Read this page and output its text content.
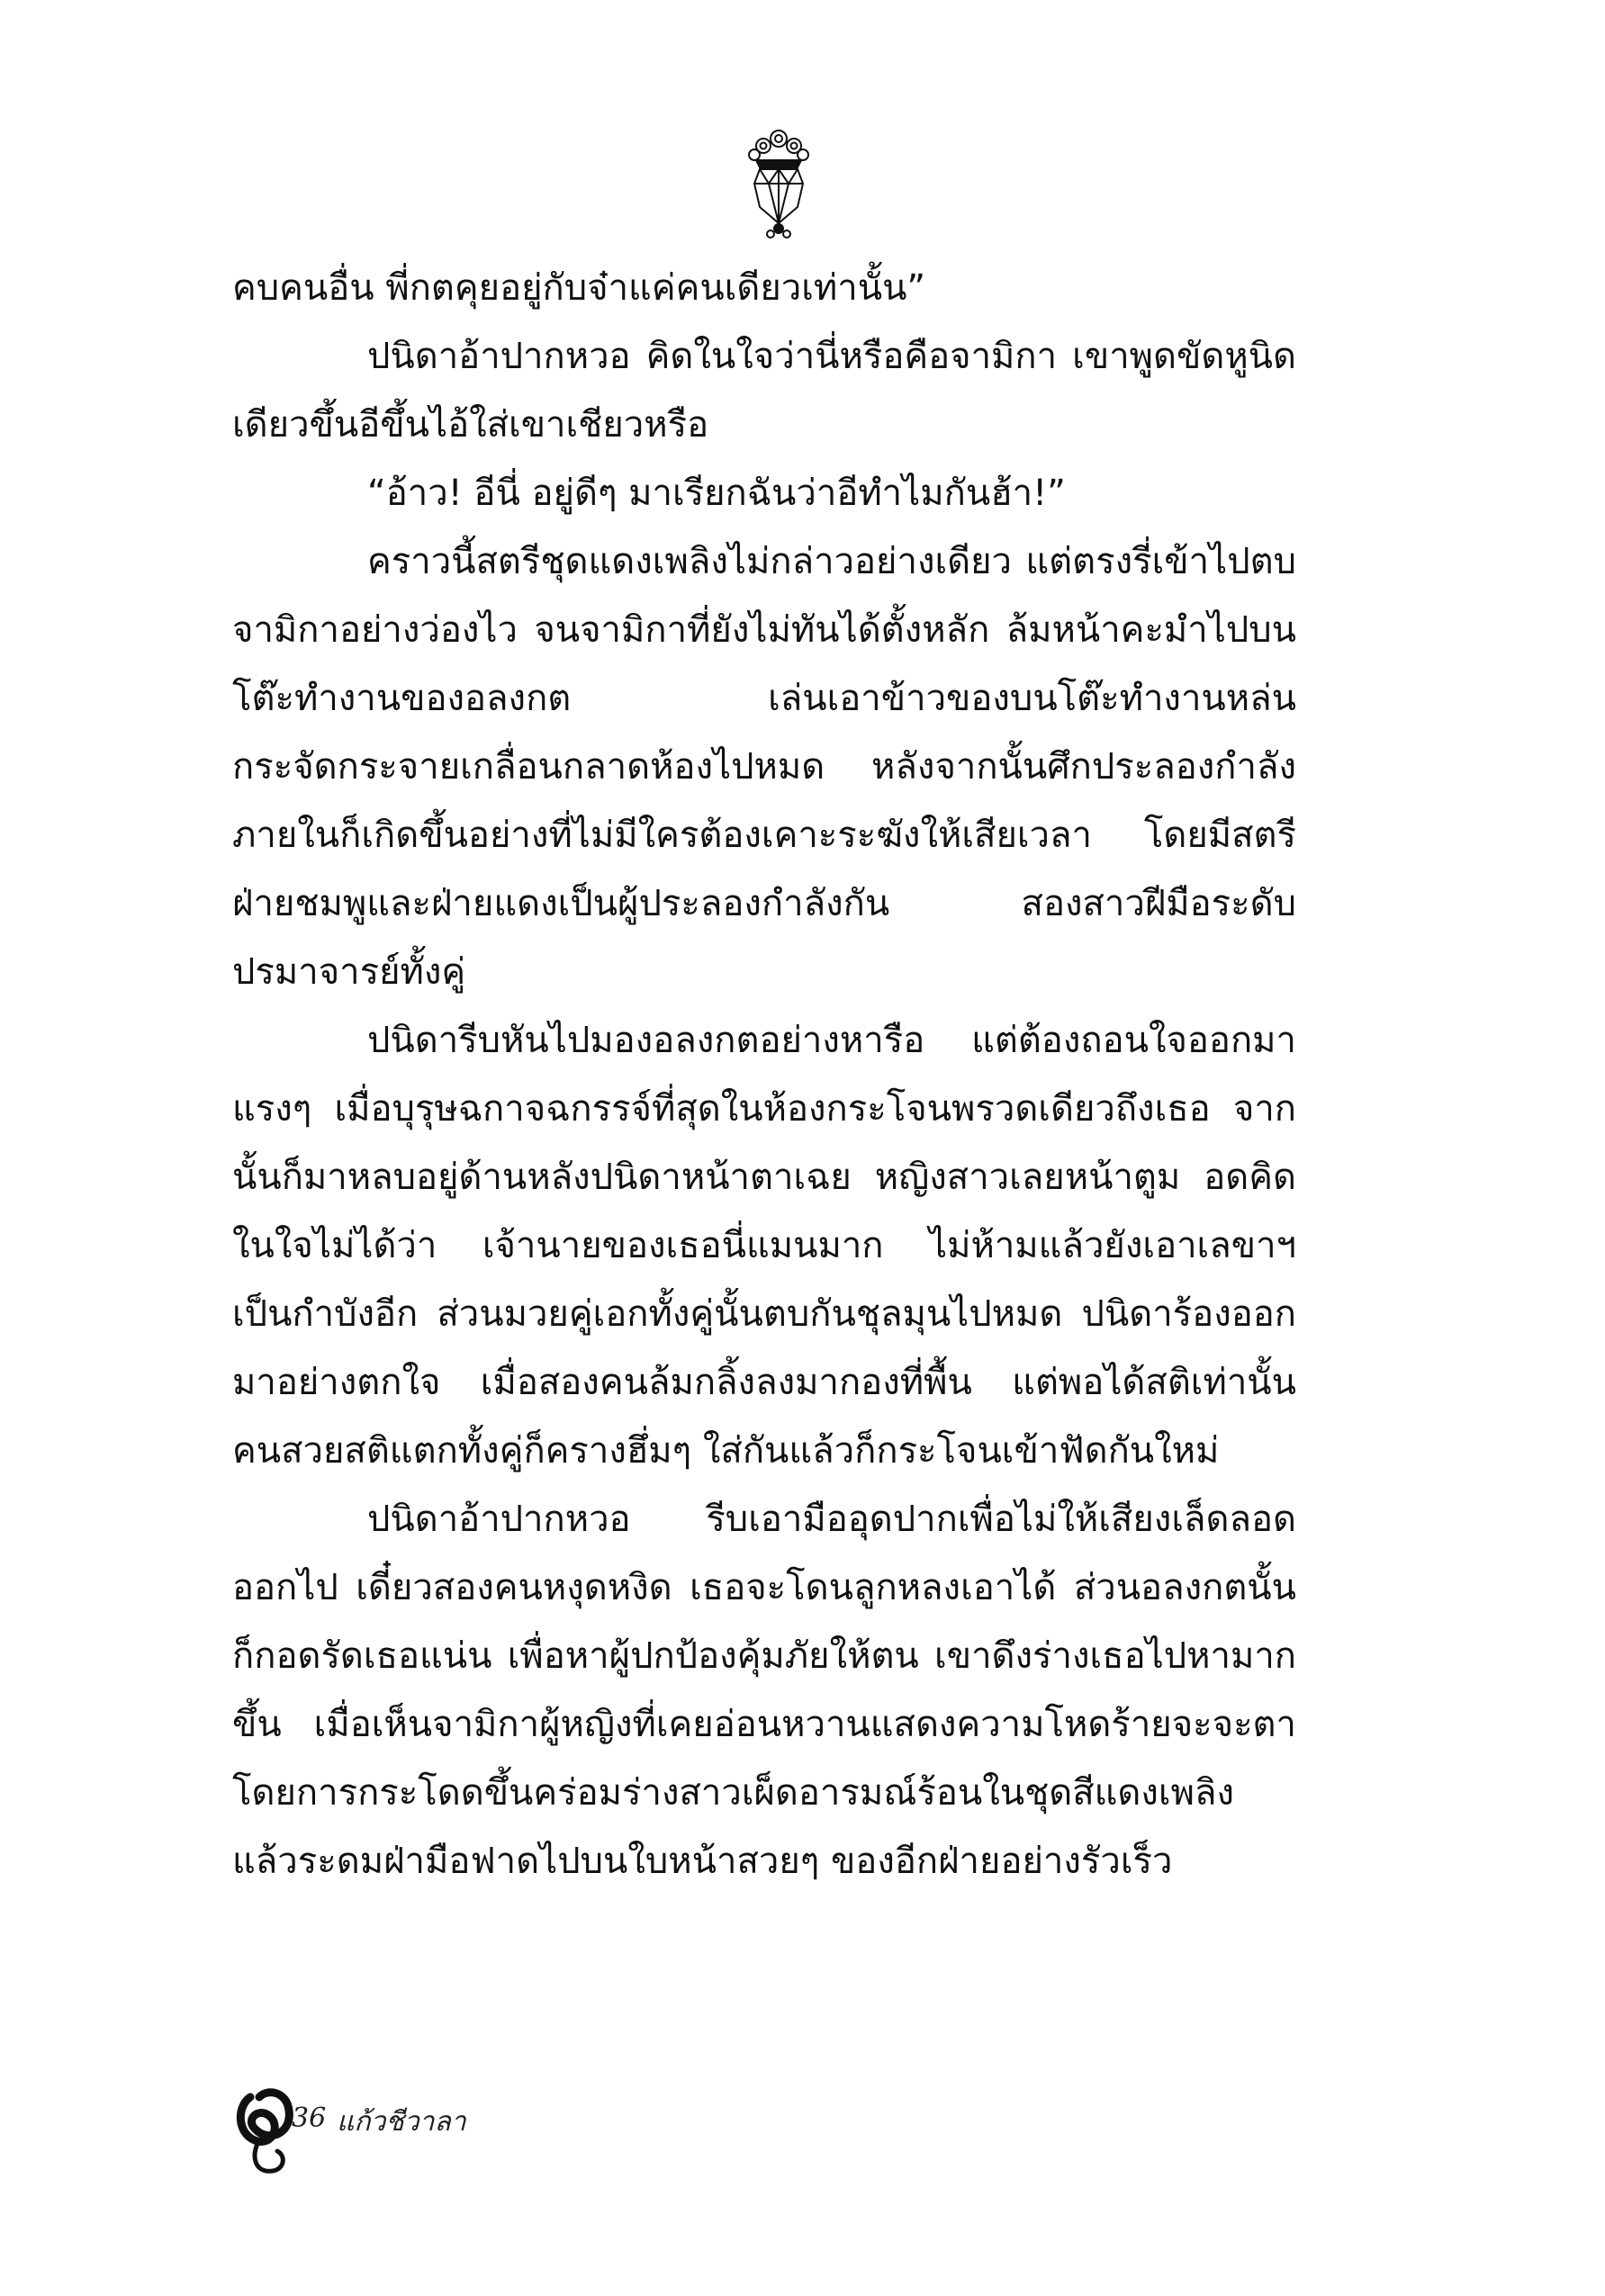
คบคนอื่น พี่กตคุยอยู่กับจ๋าแค่คนเดียวเท่านั้น”

ปนิดาอ้าปากหวอ คิดในใจว่านี่หรือคือจามิกา เขาพูดขัดหูนิดเดียวขึ้นอีขึ้นไอ้ใส่เขาเชียวหรือ

“อ้าว! อีนี่ อยู่ดีๆ มาเรียกฉันว่าอีทำไมกันฮ้า!”

คราวนี้สตรีชุดแดงเพลิงไม่กล่าวอย่างเดียว แต่ตรงรี่เข้าไปตบจามิกาอย่างว่องไว จนจามิกาที่ยังไม่ทันได้ตั้งหลัก ล้มหน้าคะมำไปบนโต๊ะทำงานของอลงกต เล่นเอาข้าวของบนโต๊ะทำงานหล่นกระจัดกระจายเกลื่อนกลาดห้องไปหมด หลังจากนั้นศึกประลองกำลังภายในก็เกิดขึ้นอย่างที่ไม่มีใครต้องเคาะระฆังให้เสียเวลา โดยมีสตรีฝ่ายชมพูและฝ่ายแดงเป็นผู้ประลองกำลังกัน สองสาวฝีมือระดับปรมาจารย์ทั้งคู่

ปนิดารีบหันไปมองอลงกตอย่างหารือ แต่ต้องถอนใจออกมาแรงๆ เมื่อบุรุษฉกาจฉกรรจ์ที่สุดในห้องกระโจนพรวดเดียวถึงเธอ จากนั้นก็มาหลบอยู่ด้านหลังปนิดาหน้าตาเฉย หญิงสาวเลยหน้าตูม อดคิดในใจไม่ได้ว่า เจ้านายของเธอนี่แมนมาก ไม่ห้ามแล้วยังเอาเลขาฯ เป็นกำบังอีก ส่วนมวยคู่เอกทั้งคู่นั้นตบกันชุลมุนไปหมด ปนิดาร้องออกมาอย่างตกใจ เมื่อสองคนล้มกลิ้งลงมากองที่พื้น แต่พอได้สติเท่านั้น คนสวยสติแตกทั้งคู่ก็ครางฮึ่มๆ ใส่กันแล้วก็กระโจนเข้าฟัดกันใหม่

ปนิดาอ้าปากหวอ รีบเอามืออุดปากเพื่อไม่ให้เสียงเล็ดลอดออกไป เดี๋ยวสองคนหงุดหงิด เธอจะโดนลูกหลงเอาได้ ส่วนอลงกตนั้นก็กอดรัดเธอแน่น เพื่อหาผู้ปกป้องคุ้มภัยให้ตน เขาดึงร่างเธอไปหามากขึ้น เมื่อเห็นจามิกาผู้หญิงที่เคยอ่อนหวานแสดงความโหดร้ายจะจะตา โดยการกระโดดขึ้นคร่อมร่างสาวเผ็ดอารมณ์ร้อนในชุดสีแดงเพลิง แล้วระดมฝ่ามือฟาดไปบนใบหน้าสวยๆ ของอีกฝ่ายอย่างรัวเร็ว

36 แก้วชีวาลา
